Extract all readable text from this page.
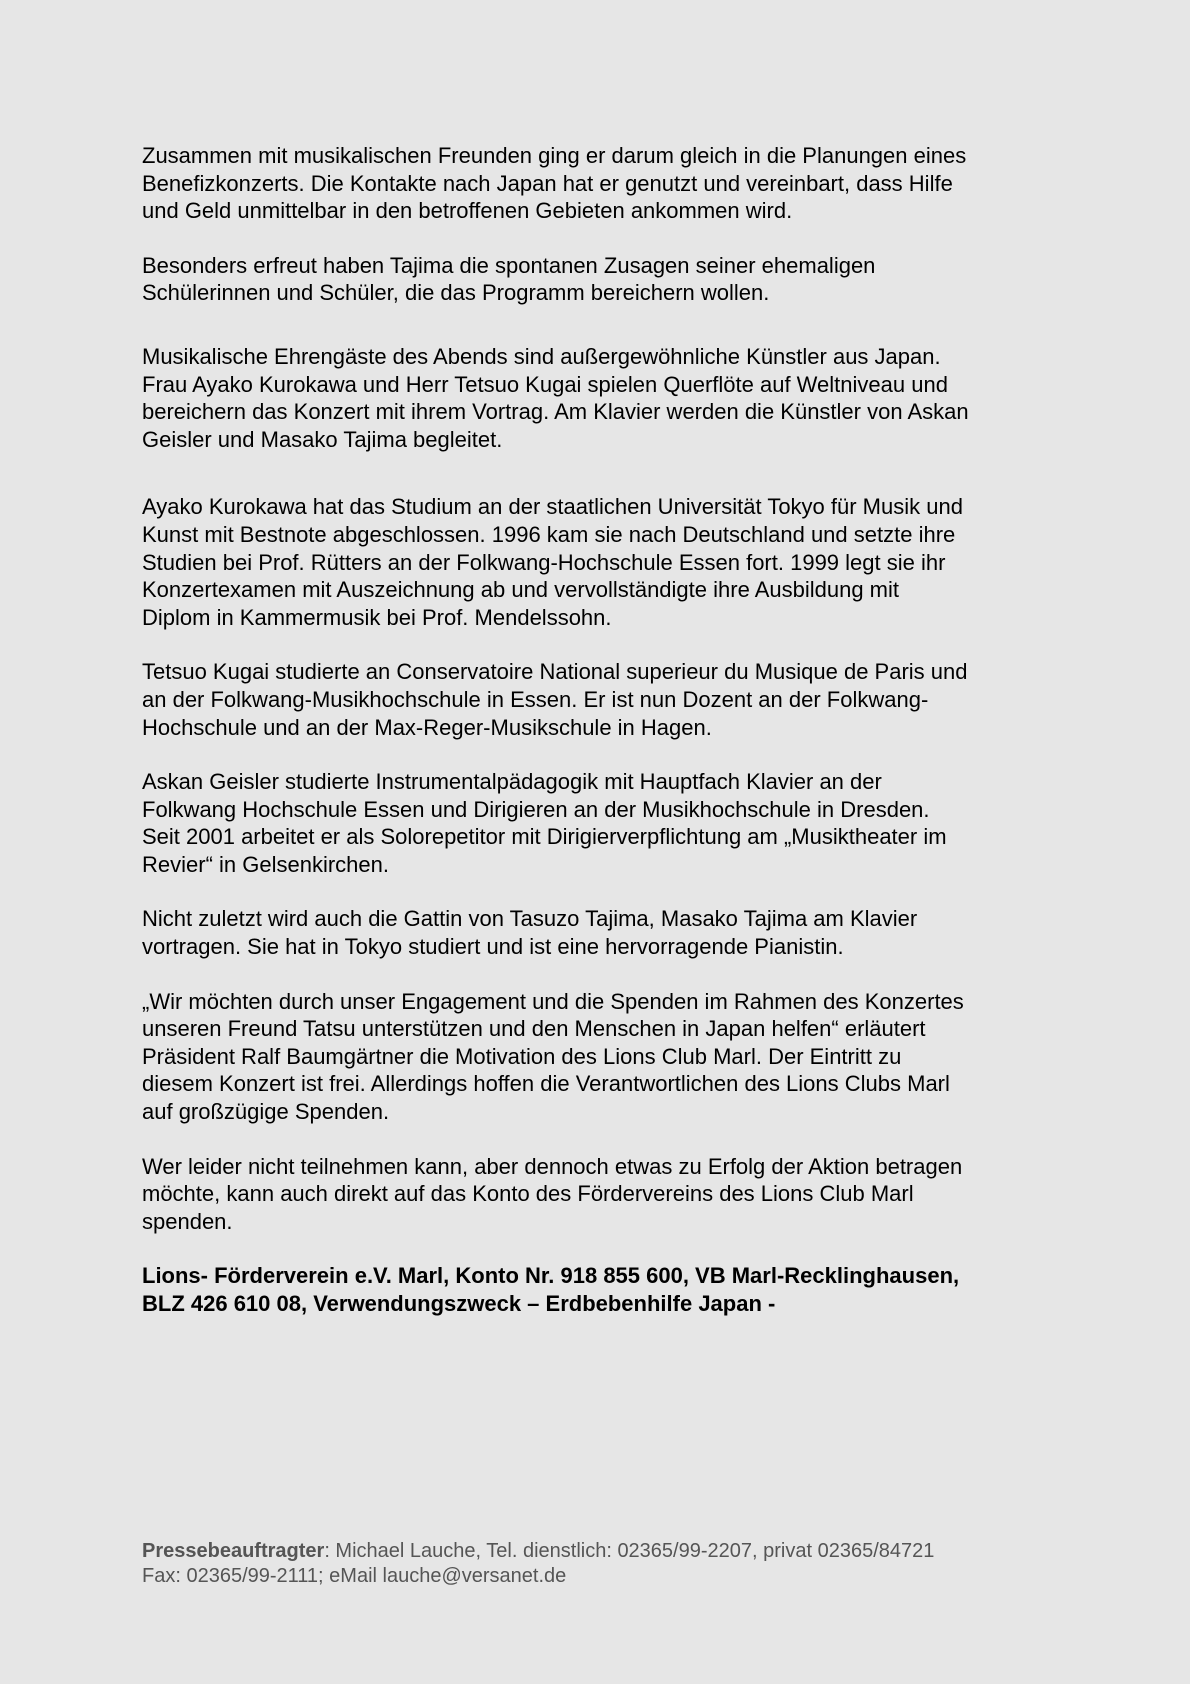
Zusammen mit musikalischen Freunden ging er darum gleich in die Planungen eines
Benefizkonzerts. Die Kontakte nach Japan hat er genutzt und vereinbart, dass Hilfe
und Geld unmittelbar in den betroffenen Gebieten ankommen wird.

Besonders erfreut haben Tajima die spontanen Zusagen seiner ehemaligen
Schülerinnen und Schüler, die das Programm bereichern wollen.

Musikalische Ehrengäste des Abends sind außergewöhnliche Künstler aus Japan.
Frau Ayako Kurokawa und Herr Tetsuo Kugai spielen Querflöte auf Weltniveau und
bereichern das Konzert mit ihrem Vortrag. Am Klavier werden die Künstler von Askan
Geisler und Masako Tajima begleitet.

Ayako Kurokawa hat das Studium an der staatlichen Universität Tokyo für Musik und
Kunst mit Bestnote abgeschlossen. 1996 kam sie nach Deutschland und setzte ihre
Studien bei Prof. Rütters an der Folkwang-Hochschule Essen fort. 1999 legt sie ihr
Konzertexamen mit Auszeichnung ab und vervollständigte ihre Ausbildung mit
Diplom in Kammermusik bei Prof. Mendelssohn.

Tetsuo Kugai studierte an Conservatoire National superieur du Musique de Paris und
an der Folkwang-Musikhochschule in Essen. Er ist nun Dozent an der Folkwang-
Hochschule und an der Max-Reger-Musikschule in Hagen.

Askan Geisler studierte Instrumentalpädagogik mit Hauptfach Klavier an der
Folkwang Hochschule Essen und Dirigieren an der Musikhochschule in Dresden.
Seit 2001 arbeitet er als Solorepetitor mit Dirigierverpflichtung am „Musiktheater im
Revier“ in Gelsenkirchen.

Nicht zuletzt wird auch die Gattin von Tasuzo Tajima, Masako Tajima am Klavier
vortragen. Sie hat in Tokyo studiert und ist eine hervorragende Pianistin.

„Wir möchten durch unser Engagement und die Spenden im Rahmen des Konzertes
unseren Freund Tatsu unterstützen und den Menschen in Japan helfen“ erläutert
Präsident Ralf Baumgärtner die Motivation des Lions Club Marl. Der Eintritt zu
diesem Konzert ist frei. Allerdings hoffen die Verantwortlichen des Lions Clubs Marl
auf großzügige Spenden.

Wer leider nicht teilnehmen kann, aber dennoch etwas zu Erfolg der Aktion betragen
möchte, kann auch direkt auf das Konto des Fördervereins des Lions Club Marl
spenden.

Lions- Förderverein e.V. Marl, Konto Nr. 918 855 600, VB Marl-Recklinghausen,
BLZ 426 610 08, Verwendungszweck – Erdbebenhilfe Japan -

Pressebeauftragter: Michael Lauche, Tel. dienstlich: 02365/99-2207, privat 02365/84721
Fax: 02365/99-2111; eMail lauche@versanet.de
